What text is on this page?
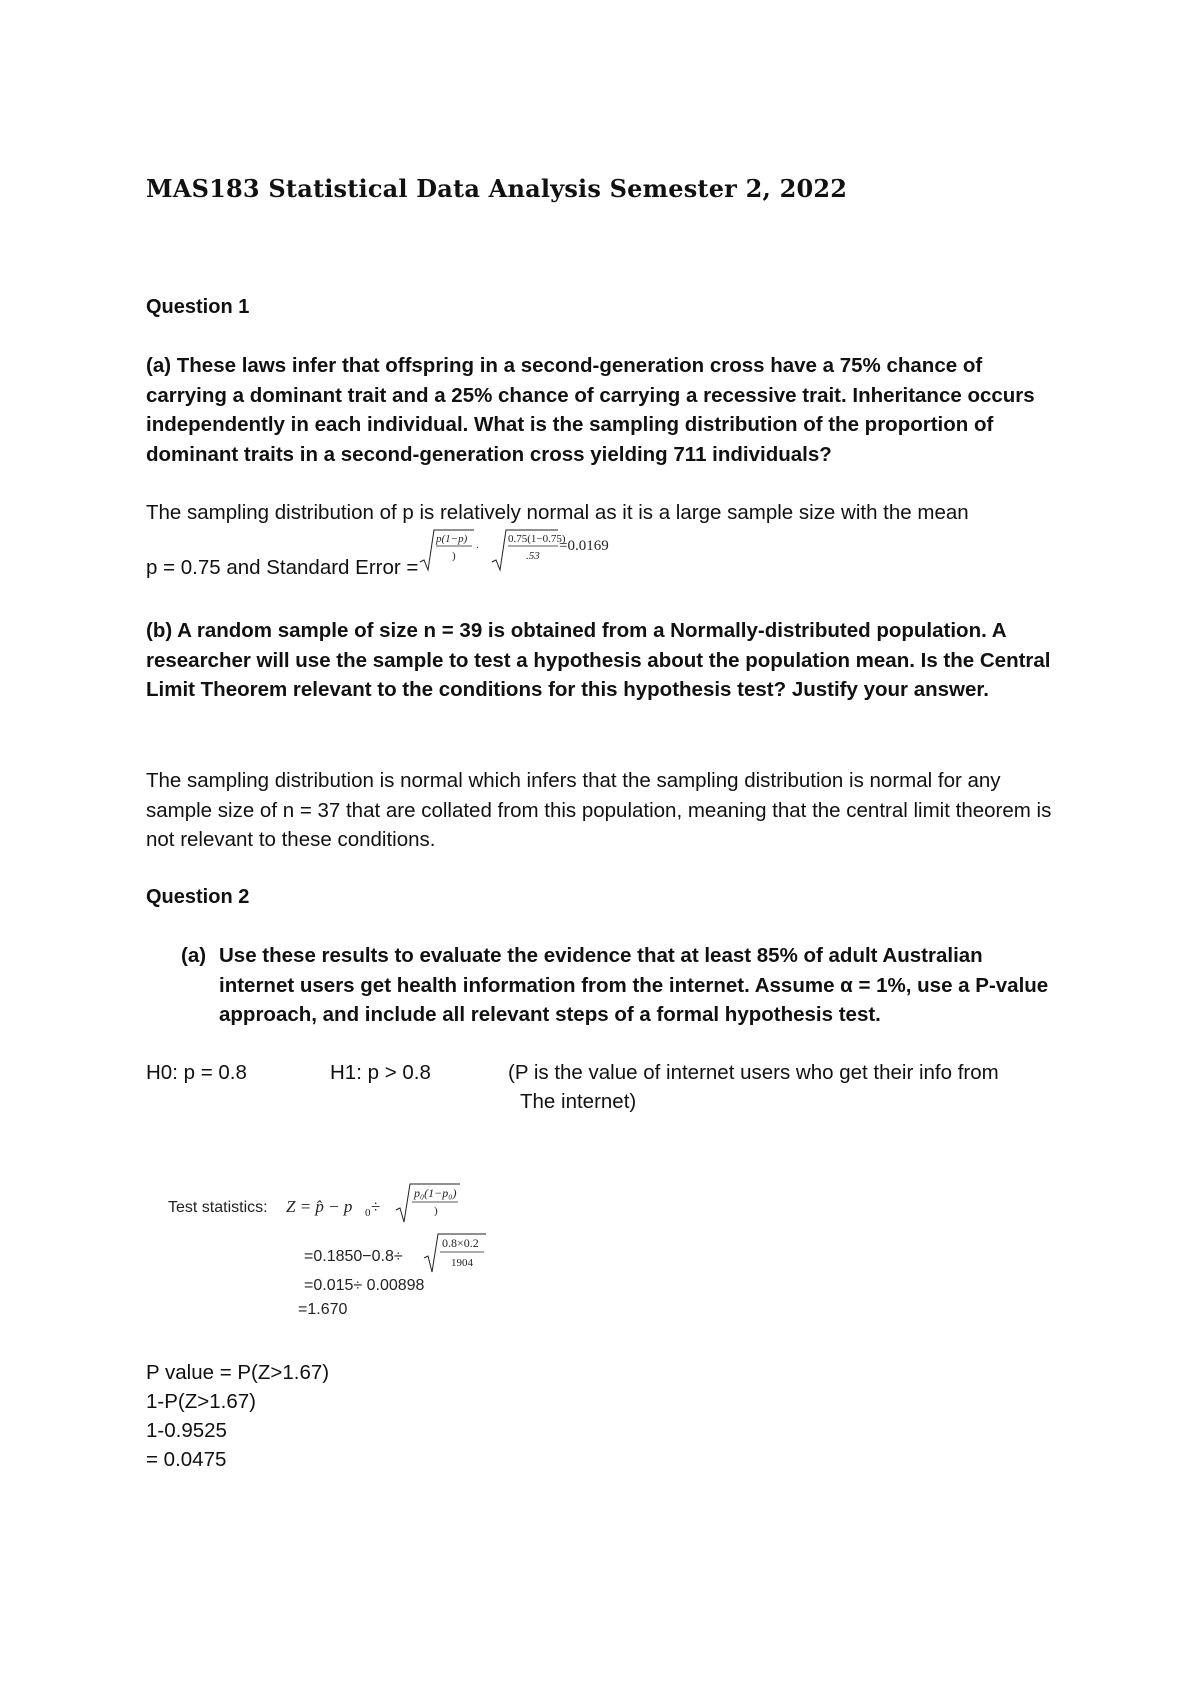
MAS183 Statistical Data Analysis Semester 2, 2022
Question 1
(a) These laws infer that offspring in a second-generation cross have a 75% chance of carrying a dominant trait and a 25% chance of carrying a recessive trait. Inheritance occurs independently in each individual. What is the sampling distribution of the proportion of dominant traits in a second-generation cross yielding 711 individuals?
The sampling distribution of p is relatively normal as it is a large sample size with the mean
p = 0.75 and Standard Error =
p(1−p)
)
.	0.75(1−0.75)
.53
=0.0169
(b) A random sample of size n = 39 is obtained from a Normally-distributed population. A researcher will use the sample to test a hypothesis about the population mean. Is the Central Limit Theorem relevant to the conditions for this hypothesis test? Justify your answer.
The sampling distribution is normal which infers that the sampling distribution is normal for any sample size of n = 37 that are collated from this population, meaning that the central limit theorem is not relevant to these conditions.
Question 2
(a) Use these results to evaluate the evidence that at least 85% of adult Australian internet users get health information from the internet. Assume α = 1%, use a P-value approach, and include all relevant steps of a formal hypothesis test.
H0: p = 0.8	H1: p > 0.8	(P is the value of internet users who get their info from
The internet)
Test statistics: Z = p̂ − p 0 ÷
p₀(1−p₀)
)
=0.1850−0.8÷
0.8×0.2
1904
=0.015÷ 0.00898
=1.670
P value = P(Z>1.67)
1-P(Z>1.67)
1-0.9525
= 0.0475
